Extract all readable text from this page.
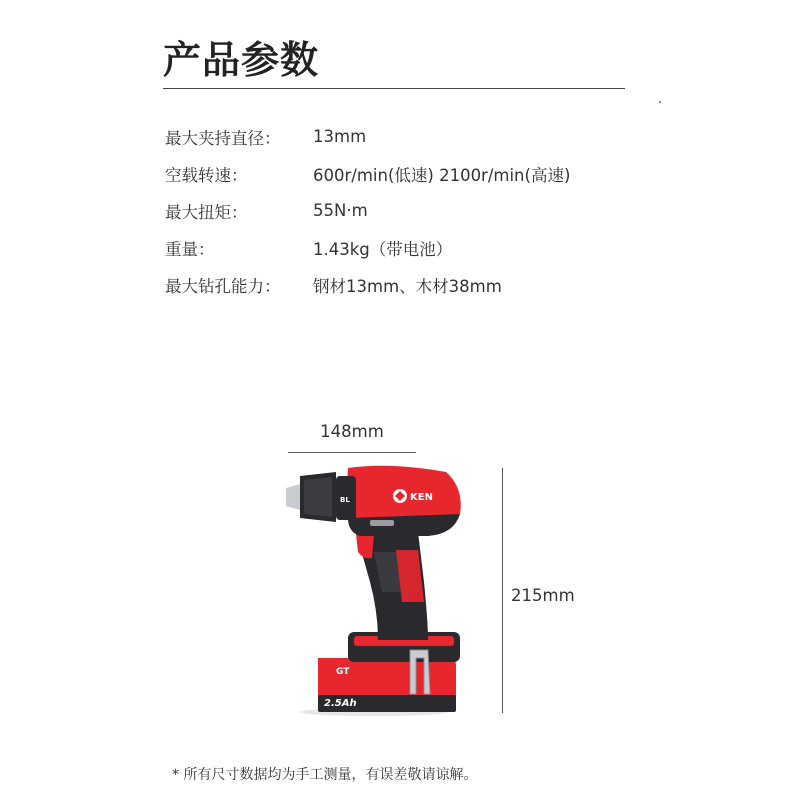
产品参数
最大夹持直径：	13mm
空载转速：	600r/min(低速) 2100r/min(高速)
最大扭矩：	55N·m
重量：	1.43kg（带电池）
最大钻孔能力：	钢材13mm、木材38mm
148mm
215mm
GT
2.5Ah
BL	KEN
* 所有尺寸数据均为手工测量，有误差敬请谅解。
